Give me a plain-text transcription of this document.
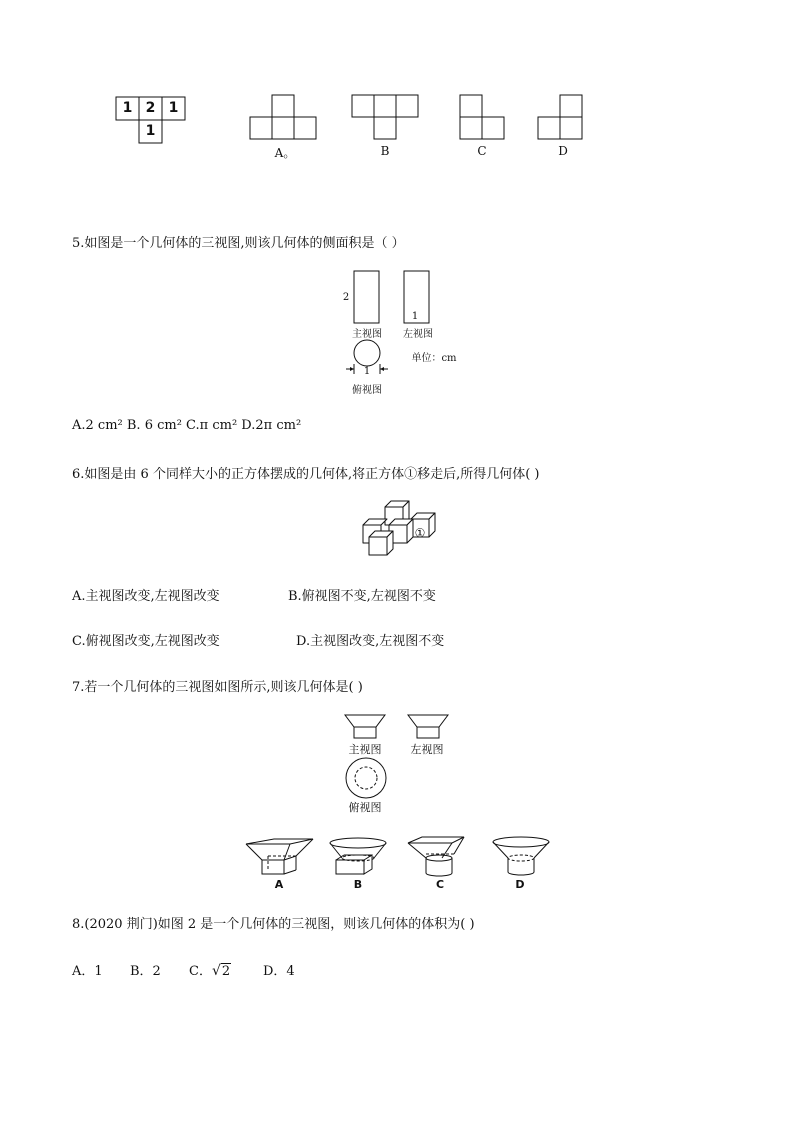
1 2 1
1
A。	B	C	D
5.如图是一个几何体的三视图,则该几何体的侧面积是（ ）
2
1
主视图	左视图
单位：cm
1
俯视图
A.2 cm² B. 6 cm² C.π cm² D.2π cm²
6.如图是由 6 个同样大小的正方体摆成的几何体,将正方体①移走后,所得几何体( )
①
A.主视图改变,左视图改变	B.俯视图不变,左视图不变
C.俯视图改变,左视图改变	D.主视图改变,左视图不变
7.若一个几何体的三视图如图所示,则该几何体是( )
主视图	左视图
俯视图
A	B	C	D
8.(2020 荆门)如图 2 是一个几何体的三视图，则该几何体的体积为( )
A．1 B．2 C．√2	D．4
